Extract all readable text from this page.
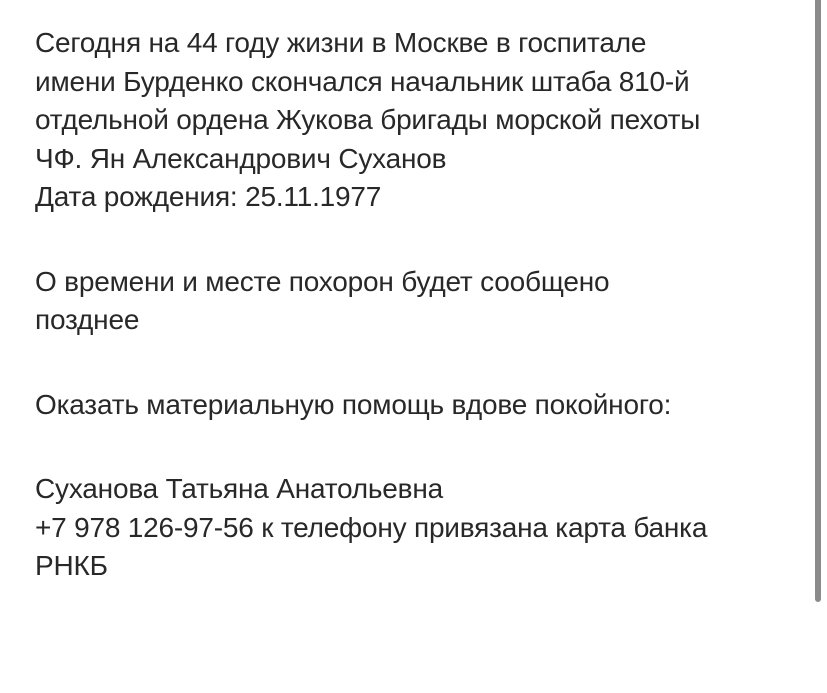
Сегодня на 44 году жизни в Москве в госпитале
имени Бурденко скончался начальник штаба 810-й
отдельной ордена Жукова бригады морской пехоты
ЧФ. Ян Александрович Суханов
Дата рождения: 25.11.1977
О времени и месте похорон будет сообщено
позднее
Оказать материальную помощь вдове покойного:
Суханова Татьяна Анатольевна
+7 978 126-97-56 к телефону привязана карта банка
РНКБ
